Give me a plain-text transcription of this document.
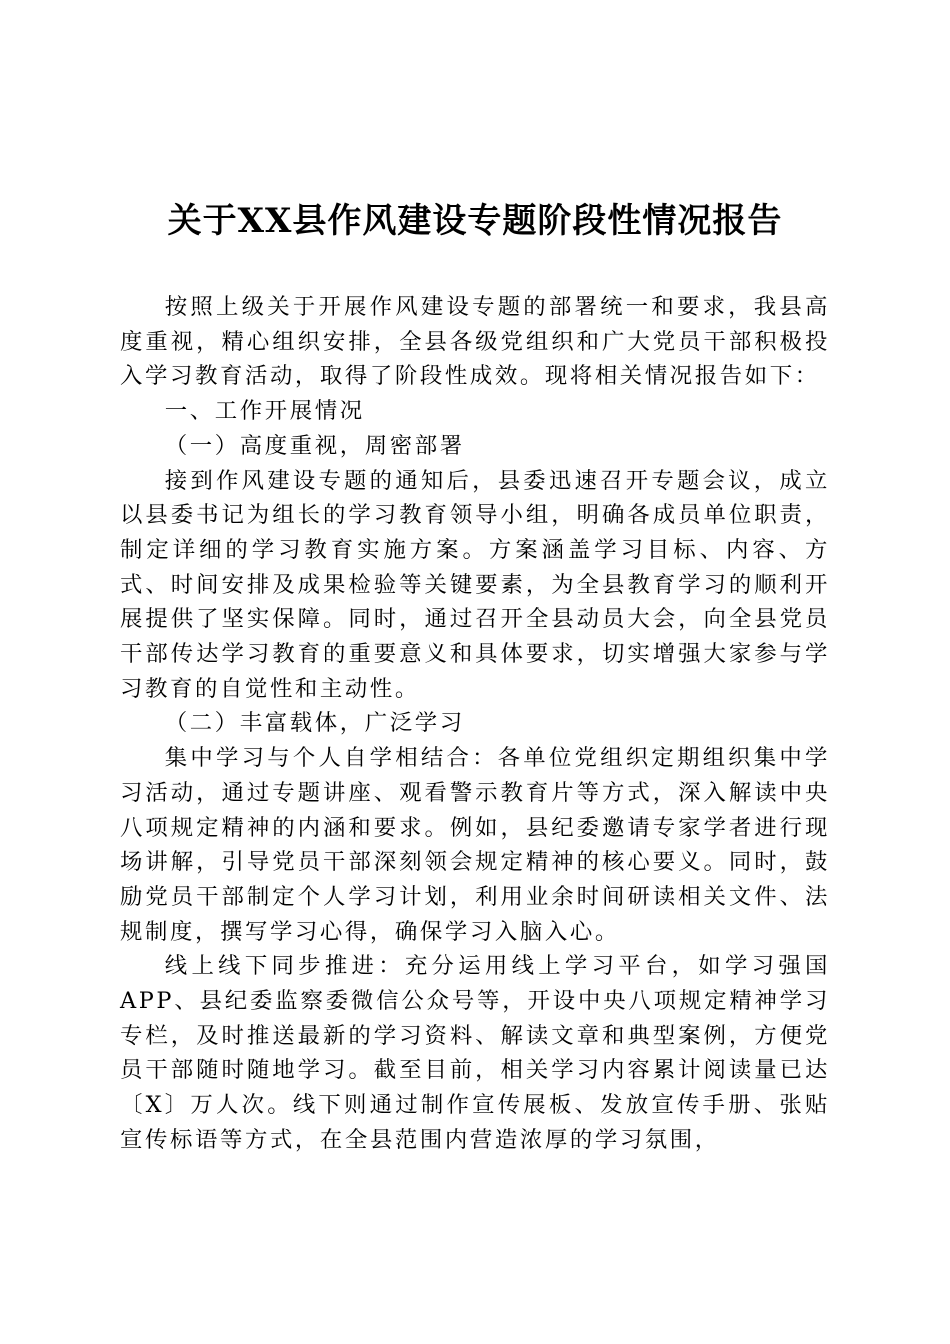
关于XX县作风建设专题阶段性情况报告

按照上级关于开展作风建设专题的部署统一和要求，我县高度重视，精心组织安排，全县各级党组织和广大党员干部积极投入学习教育活动，取得了阶段性成效。现将相关情况报告如下：

一、工作开展情况
（一）高度重视，周密部署

接到作风建设专题的通知后，县委迅速召开专题会议，成立以县委书记为组长的学习教育领导小组，明确各成员单位职责，制定详细的学习教育实施方案。方案涵盖学习目标、内容、方式、时间安排及成果检验等关键要素，为全县教育学习的顺利开展提供了坚实保障。同时，通过召开全县动员大会，向全县党员干部传达学习教育的重要意义和具体要求，切实增强大家参与学习教育的自觉性和主动性。

（二）丰富载体，广泛学习

集中学习与个人自学相结合：各单位党组织定期组织集中学习活动，通过专题讲座、观看警示教育片等方式，深入解读中央八项规定精神的内涵和要求。例如，县纪委邀请专家学者进行现场讲解，引导党员干部深刻领会规定精神的核心要义。同时，鼓励党员干部制定个人学习计划，利用业余时间研读相关文件、法规制度，撰写学习心得，确保学习入脑入心。

线上线下同步推进：充分运用线上学习平台，如学习强国APP、县纪委监察委微信公众号等，开设中央八项规定精神学习专栏，及时推送最新的学习资料、解读文章和典型案例，方便党员干部随时随地学习。截至目前，相关学习内容累计阅读量已达〔X〕万人次。线下则通过制作宣传展板、发放宣传手册、张贴宣传标语等方式，在全县范围内营造浓厚的学习氛围，
